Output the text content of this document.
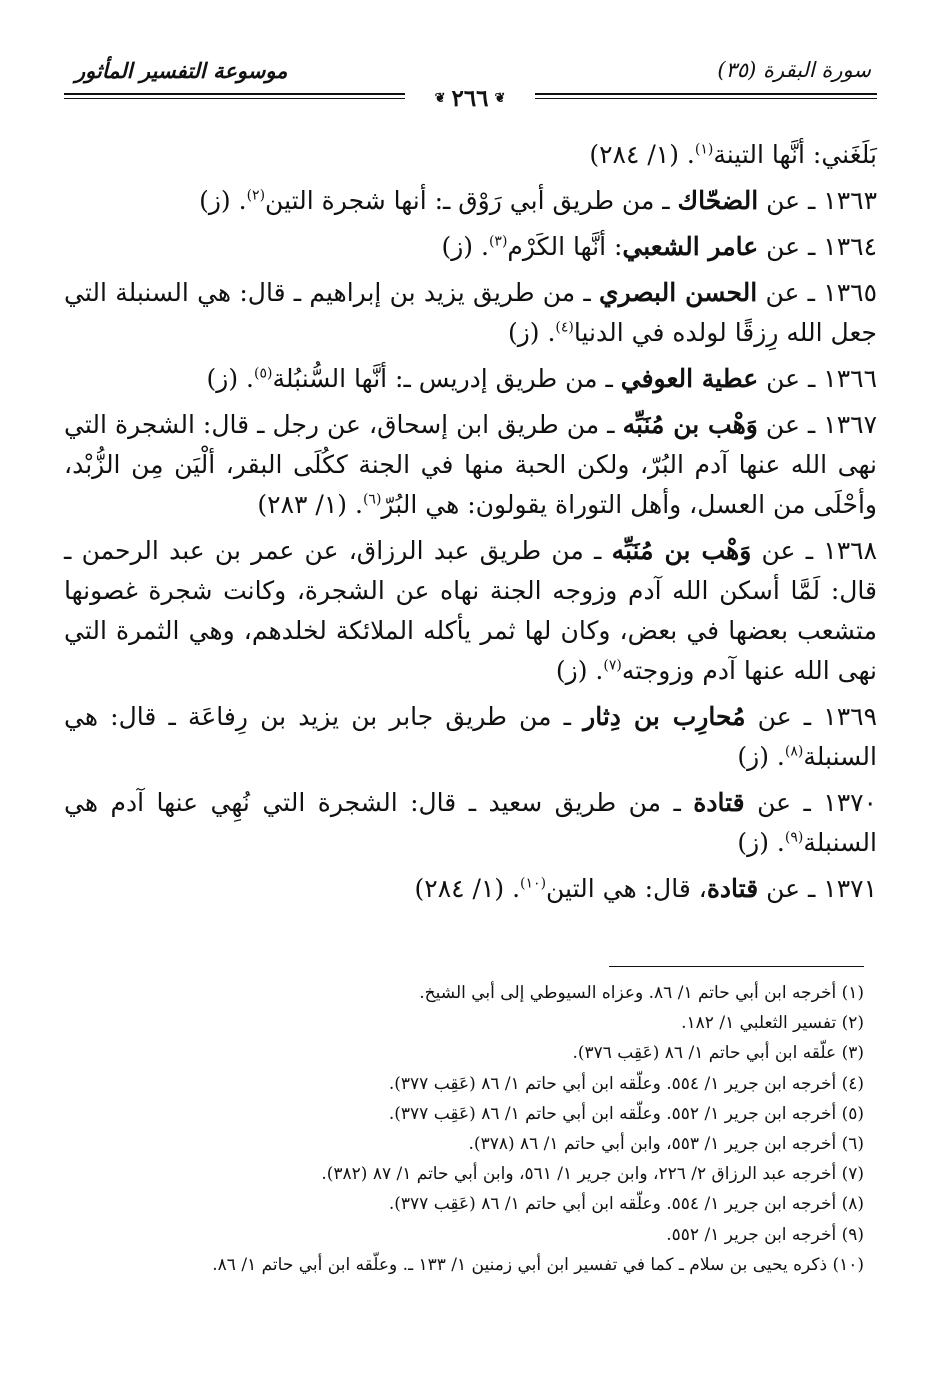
موسوعة التفسير المأثور	سورة البقرة (٣٥)
❦ ٢٦٦ ❦
بَلَغَني: أنَّها التينة$^{(١)}$. (١/ ٢٨٤)
١٣٦٣ ـ عن الضحّاك ـ من طريق أبي رَوْق ـ: أنها شجرة التين$^{(٢)}$. (ز)
١٣٦٤ ـ عن عامر الشعبي: أنَّها الكَرْم$^{(٣)}$. (ز)
١٣٦٥ ـ عن الحسن البصري ـ من طريق يزيد بن إبراهيم ـ قال: هي السنبلة التي جعل الله رِزقًا لولده في الدنيا$^{(٤)}$. (ز)
١٣٦٦ ـ عن عطية العوفي ـ من طريق إدريس ـ: أنَّها السُّنبُلة$^{(٥)}$. (ز)
١٣٦٧ ـ عن وَهْب بن مُنَبِّه ـ من طريق ابن إسحاق، عن رجل ـ قال: الشجرة التي نهى الله عنها آدم البُرّ، ولكن الحبة منها في الجنة ككُلَى البقر، ألْيَن مِن الزُّبْد، وأحْلَى من العسل، وأهل التوراة يقولون: هي البُرّ$^{(٦)}$. (١/ ٢٨٣)
١٣٦٨ ـ عن وَهْب بن مُنَبِّه ـ من طريق عبد الرزاق، عن عمر بن عبد الرحمن ـ قال: لَمَّا أسكن الله آدم وزوجه الجنة نهاه عن الشجرة، وكانت شجرة غصونها متشعب بعضها في بعض، وكان لها ثمر يأكله الملائكة لخلدهم، وهي الثمرة التي نهى الله عنها آدم وزوجته$^{(٧)}$. (ز)
١٣٦٩ ـ عن مُحارِب بن دِثار ـ من طريق جابر بن يزيد بن رِفاعَة ـ قال: هي السنبلة$^{(٨)}$. (ز)
١٣٧٠ ـ عن قتادة ـ من طريق سعيد ـ قال: الشجرة التي نُهِي عنها آدم هي السنبلة$^{(٩)}$. (ز)
١٣٧١ ـ عن قتادة، قال: هي التين$^{(١٠)}$. (١/ ٢٨٤)
(١) أخرجه ابن أبي حاتم ١/ ٨٦. وعزاه السيوطي إلى أبي الشيخ.
(٢) تفسير الثعلبي ١/ ١٨٢.
(٣) علّقه ابن أبي حاتم ١/ ٨٦ (عَقِب ٣٧٦).
(٤) أخرجه ابن جرير ١/ ٥٥٤. وعلّقه ابن أبي حاتم ١/ ٨٦ (عَقِب ٣٧٧).
(٥) أخرجه ابن جرير ١/ ٥٥٢. وعلّقه ابن أبي حاتم ١/ ٨٦ (عَقِب ٣٧٧).
(٦) أخرجه ابن جرير ١/ ٥٥٣، وابن أبي حاتم ١/ ٨٦ (٣٧٨).
(٧) أخرجه عبد الرزاق ٢/ ٢٢٦، وابن جرير ١/ ٥٦١، وابن أبي حاتم ١/ ٨٧ (٣٨٢).
(٨) أخرجه ابن جرير ١/ ٥٥٤. وعلّقه ابن أبي حاتم ١/ ٨٦ (عَقِب ٣٧٧).
(٩) أخرجه ابن جرير ١/ ٥٥٢.
(١٠) ذكره يحيى بن سلام ـ كما في تفسير ابن أبي زمنين ١/ ١٣٣ ـ. وعلّقه ابن أبي حاتم ١/ ٨٦.
